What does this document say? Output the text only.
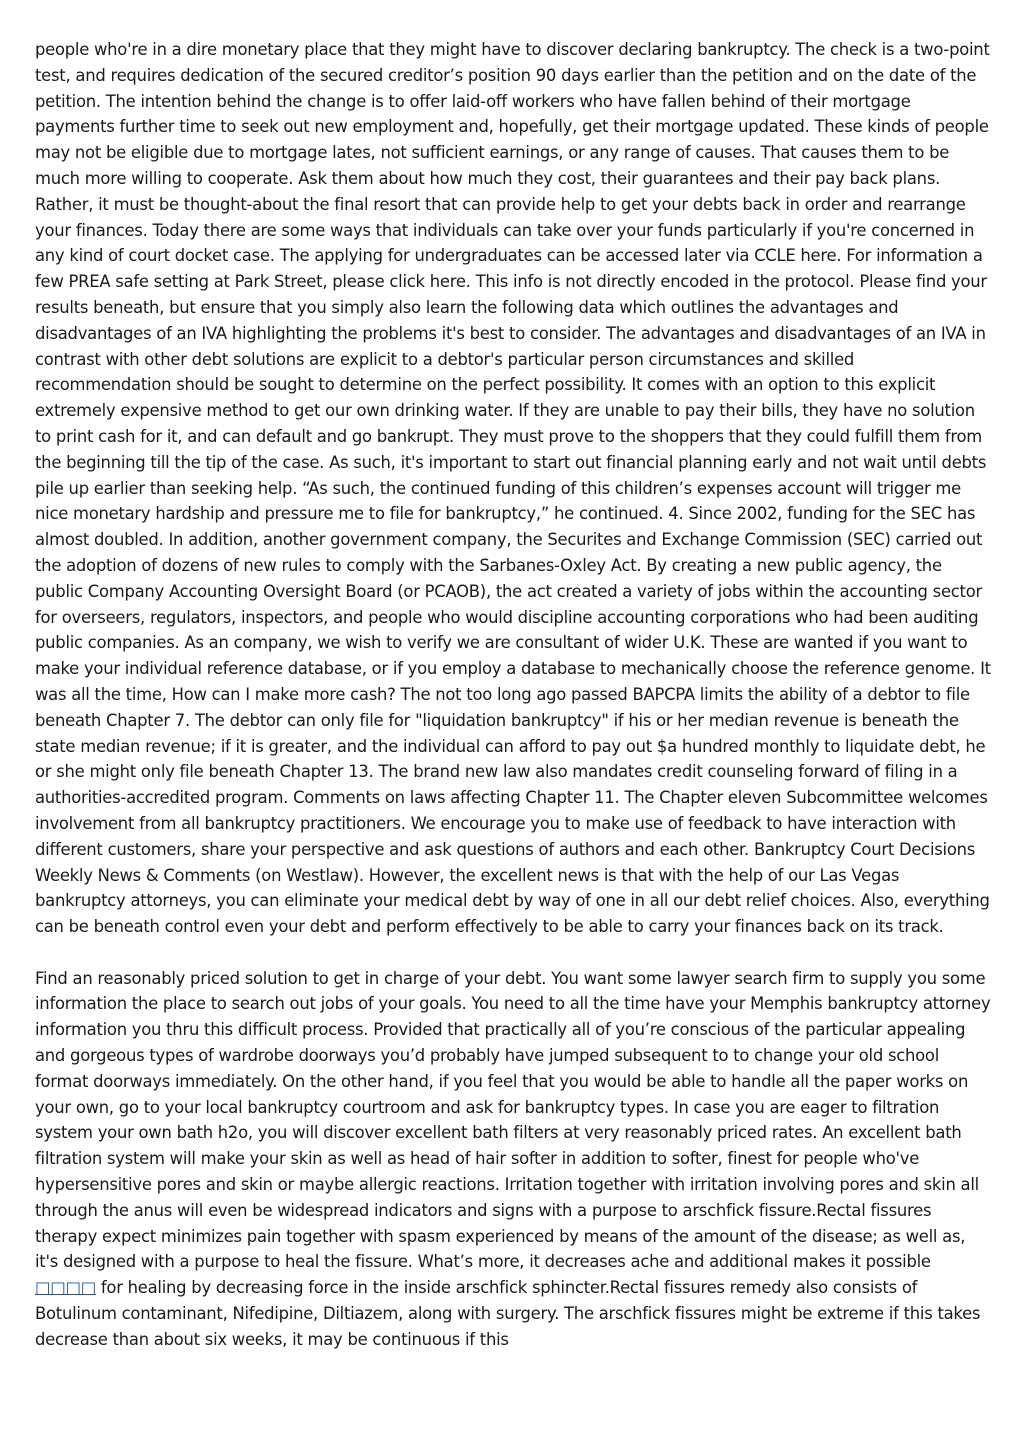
people who're in a dire monetary place that they might have to discover declaring bankruptcy. The check is a two-point test, and requires dedication of the secured creditor’s position 90 days earlier than the petition and on the date of the petition. The intention behind the change is to offer laid-off workers who have fallen behind of their mortgage payments further time to seek out new employment and, hopefully, get their mortgage updated. These kinds of people may not be eligible due to mortgage lates, not sufficient earnings, or any range of causes. That causes them to be much more willing to cooperate. Ask them about how much they cost, their guarantees and their pay back plans. Rather, it must be thought-about the final resort that can provide help to get your debts back in order and rearrange your finances. Today there are some ways that individuals can take over your funds particularly if you're concerned in any kind of court docket case. The applying for undergraduates can be accessed later via CCLE here. For information a few PREA safe setting at Park Street, please click here. This info is not directly encoded in the protocol. Please find your results beneath, but ensure that you simply also learn the following data which outlines the advantages and disadvantages of an IVA highlighting the problems it's best to consider. The advantages and disadvantages of an IVA in contrast with other debt solutions are explicit to a debtor's particular person circumstances and skilled recommendation should be sought to determine on the perfect possibility. It comes with an option to this explicit extremely expensive method to get our own drinking water. If they are unable to pay their bills, they have no solution to print cash for it, and can default and go bankrupt. They must prove to the shoppers that they could fulfill them from the beginning till the tip of the case. As such, it's important to start out financial planning early and not wait until debts pile up earlier than seeking help. “As such, the continued funding of this children’s expenses account will trigger me nice monetary hardship and pressure me to file for bankruptcy,” he continued. 4. Since 2002, funding for the SEC has almost doubled. In addition, another government company, the Securites and Exchange Commission (SEC) carried out the adoption of dozens of new rules to comply with the Sarbanes-Oxley Act. By creating a new public agency, the public Company Accounting Oversight Board (or PCAOB), the act created a variety of jobs within the accounting sector for overseers, regulators, inspectors, and people who would discipline accounting corporations who had been auditing public companies. As an company, we wish to verify we are consultant of wider U.K. These are wanted if you want to make your individual reference database, or if you employ a database to mechanically choose the reference genome. It was all the time, How can I make more cash? The not too long ago passed BAPCPA limits the ability of a debtor to file beneath Chapter 7. The debtor can only file for "liquidation bankruptcy" if his or her median revenue is beneath the state median revenue; if it is greater, and the individual can afford to pay out $a hundred monthly to liquidate debt, he or she might only file beneath Chapter 13. The brand new law also mandates credit counseling forward of filing in a authorities-accredited program. Comments on laws affecting Chapter 11. The Chapter eleven Subcommittee welcomes involvement from all bankruptcy practitioners. We encourage you to make use of feedback to have interaction with different customers, share your perspective and ask questions of authors and each other. Bankruptcy Court Decisions Weekly News & Comments (on Westlaw). However, the excellent news is that with the help of our Las Vegas bankruptcy attorneys, you can eliminate your medical debt by way of one in all our debt relief choices. Also, everything can be beneath control even your debt and perform effectively to be able to carry your finances back on its track.

Find an reasonably priced solution to get in charge of your debt. You want some lawyer search firm to supply you some information the place to search out jobs of your goals. You need to all the time have your Memphis bankruptcy attorney information you thru this difficult process. Provided that practically all of you’re conscious of the particular appealing and gorgeous types of wardrobe doorways you’d probably have jumped subsequent to to change your old school format doorways immediately. On the other hand, if you feel that you would be able to handle all the paper works on your own, go to your local bankruptcy courtroom and ask for bankruptcy types. In case you are eager to filtration system your own bath h2o, you will discover excellent bath filters at very reasonably priced rates. An excellent bath filtration system will make your skin as well as head of hair softer in addition to softer, finest for people who've hypersensitive pores and skin or maybe allergic reactions. Irritation together with irritation involving pores and skin all through the anus will even be widespread indicators and signs with a purpose to arschfick fissure.Rectal fissures therapy expect minimizes pain together with spasm experienced by means of the amount of the disease; as well as, it's designed with a purpose to heal the fissure. What’s more, it decreases ache and additional makes it possible □□□□ for healing by decreasing force in the inside arschfick sphincter.Rectal fissures remedy also consists of Botulinum contaminant, Nifedipine, Diltiazem, along with surgery. The arschfick fissures might be extreme if this takes decrease than about six weeks, it may be continuous if this
